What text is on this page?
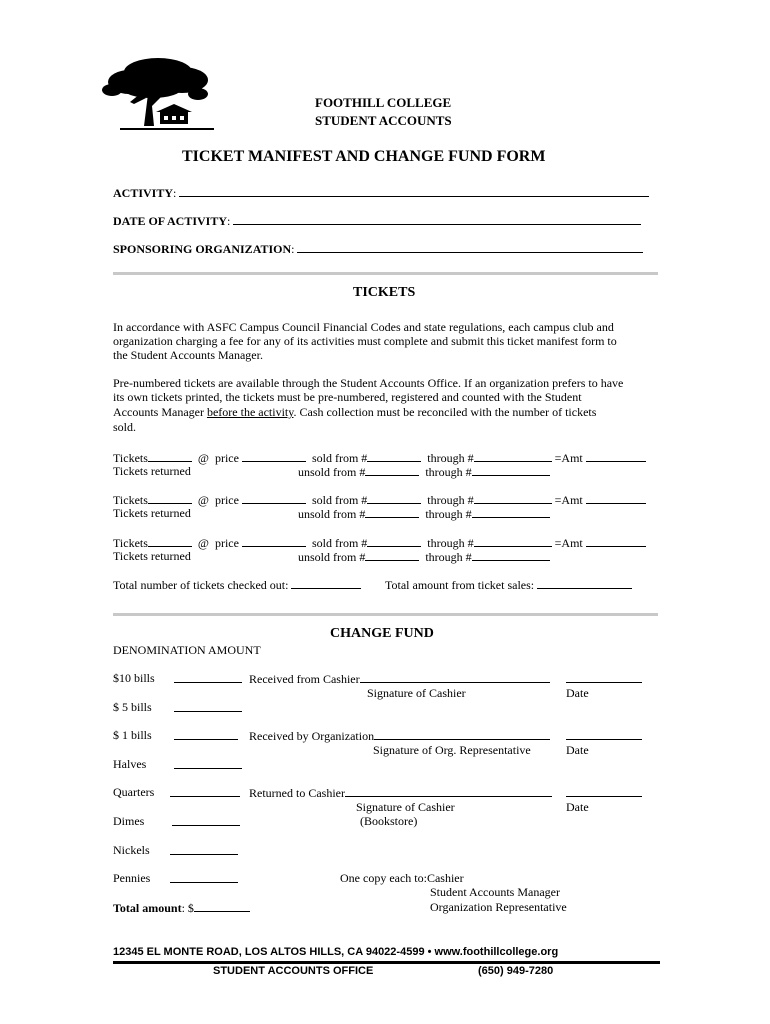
FOOTHILL COLLEGE
STUDENT ACCOUNTS
TICKET MANIFEST AND CHANGE FUND FORM
ACTIVITY:
DATE OF ACTIVITY:
SPONSORING ORGANIZATION:
TICKETS
In accordance with ASFC Campus Council Financial Codes and state regulations, each campus club and
organization charging a fee for any of its activities must complete and submit this ticket manifest form to
the Student Accounts Manager.
Pre-numbered tickets are available through the Student Accounts Office. If an organization prefers to have
its own tickets printed, the tickets must be pre-numbered, registered and counted with the Student
Accounts Manager before the activity. Cash collection must be reconciled with the number of tickets
sold.
Tickets	@ price	sold from #	through #	=Amt
Tickets returned	unsold from #	through #
Tickets	@ price	sold from #	through #	=Amt
Tickets returned	unsold from #	through #
Tickets	@ price	sold from #	through #	=Amt
Tickets returned	unsold from #	through #
Total number of tickets checked out:	Total amount from ticket sales:
CHANGE FUND
DENOMINATION AMOUNT
$10 bills
$ 5 bills
$ 1 bills
Halves
Quarters
Dimes
Nickels
Pennies
Total amount: $
Received from Cashier
Signature of Cashier	Date
Received by Organization
Signature of Org. Representative	Date
Returned to Cashier
Signature of Cashier	Date
(Bookstore)
One copy each to:Cashier
Student Accounts Manager
Organization Representative
12345 EL MONTE ROAD, LOS ALTOS HILLS, CA 94022-4599 • www.foothillcollege.org
STUDENT ACCOUNTS OFFICE	(650) 949-7280
